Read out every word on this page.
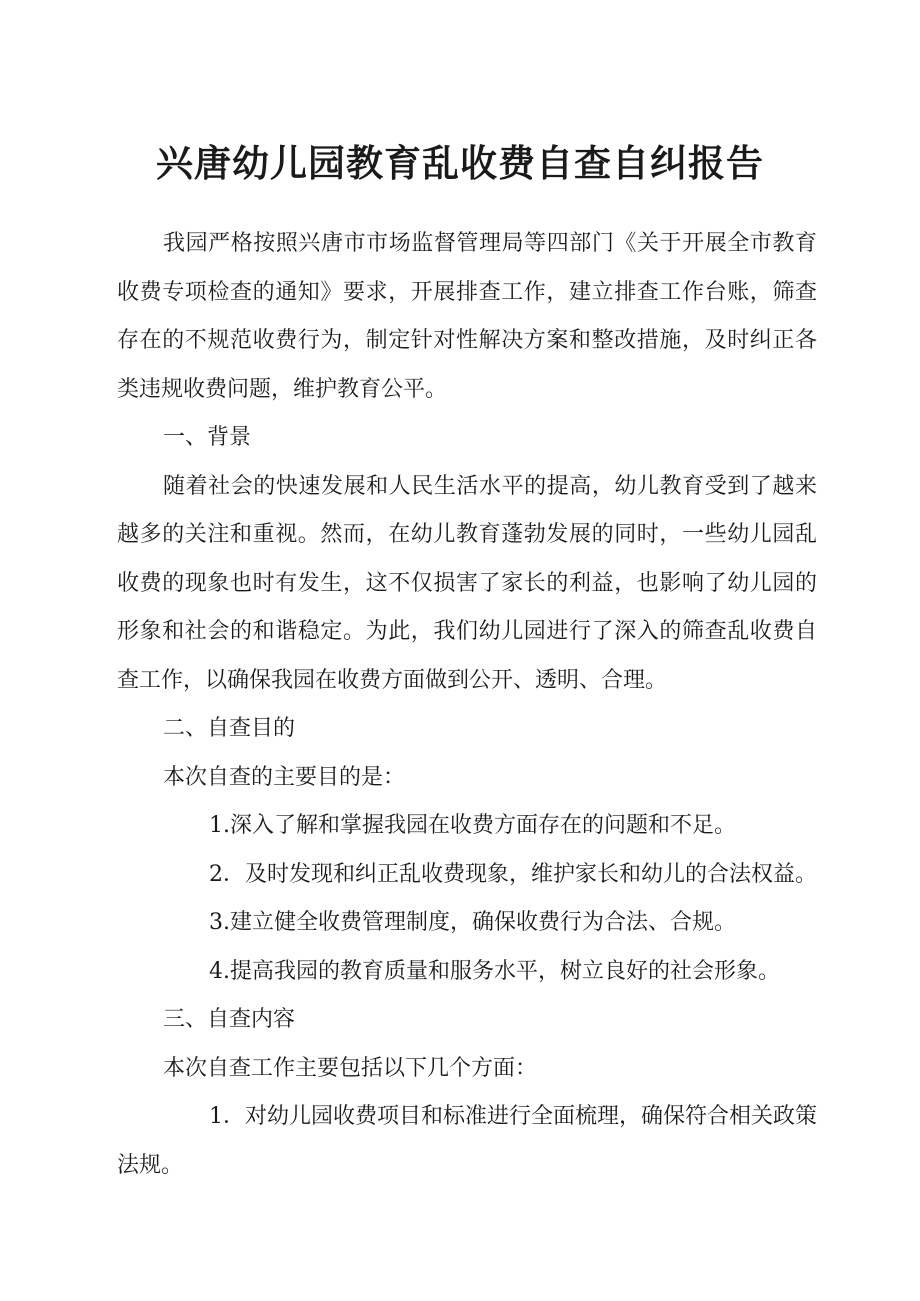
兴唐幼儿园教育乱收费自查自纠报告

我园严格按照兴唐市市场监督管理局等四部门《关于开展全市教育收费专项检查的通知》要求，开展排查工作，建立排查工作台账，筛查存在的不规范收费行为，制定针对性解决方案和整改措施，及时纠正各类违规收费问题，维护教育公平。

一、背景

随着社会的快速发展和人民生活水平的提高，幼儿教育受到了越来越多的关注和重视。然而，在幼儿教育蓬勃发展的同时，一些幼儿园乱收费的现象也时有发生，这不仅损害了家长的利益，也影响了幼儿园的形象和社会的和谐稳定。为此，我们幼儿园进行了深入的筛查乱收费自查工作，以确保我园在收费方面做到公开、透明、合理。

二、自查目的

本次自查的主要目的是：

1.深入了解和掌握我园在收费方面存在的问题和不足。

2．及时发现和纠正乱收费现象，维护家长和幼儿的合法权益。

3.建立健全收费管理制度，确保收费行为合法、合规。

4.提高我园的教育质量和服务水平，树立良好的社会形象。

三、自查内容

本次自查工作主要包括以下几个方面：

1．对幼儿园收费项目和标准进行全面梳理，确保符合相关政策法规。
